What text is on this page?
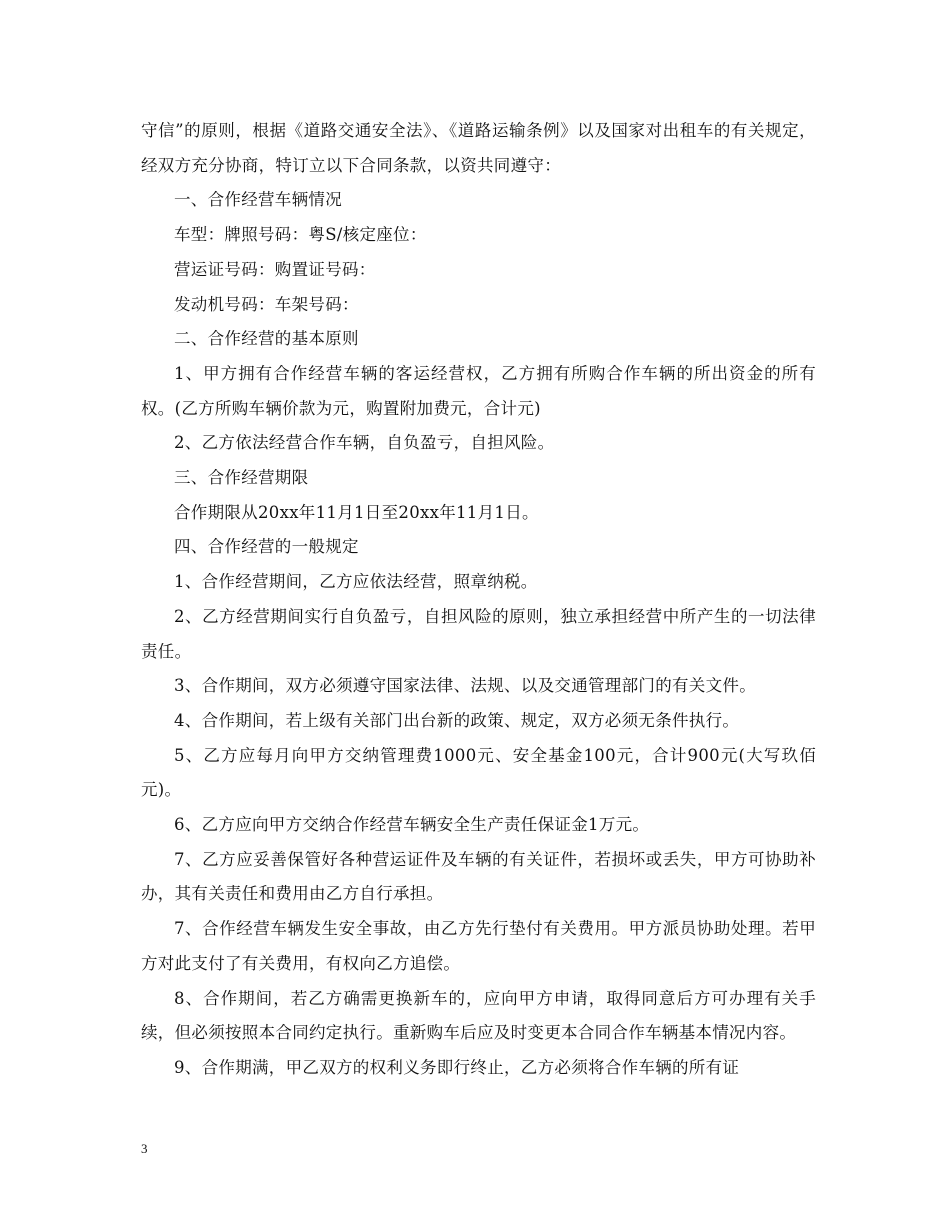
守信”的原则，根据《道路交通安全法》、《道路运输条例》以及国家对出租车的有关规定，经双方充分协商，特订立以下合同条款，以资共同遵守：

一、合作经营车辆情况

车型：牌照号码：粤S/核定座位：

营运证号码：购置证号码：

发动机号码：车架号码：

二、合作经营的基本原则

1、甲方拥有合作经营车辆的客运经营权，乙方拥有所购合作车辆的所出资金的所有权。(乙方所购车辆价款为元，购置附加费元，合计元)

2、乙方依法经营合作车辆，自负盈亏，自担风险。

三、合作经营期限

合作期限从20xx年11月1日至20xx年11月1日。

四、合作经营的一般规定

1、合作经营期间，乙方应依法经营，照章纳税。

2、乙方经营期间实行自负盈亏，自担风险的原则，独立承担经营中所产生的一切法律责任。

3、合作期间，双方必须遵守国家法律、法规、以及交通管理部门的有关文件。

4、合作期间，若上级有关部门出台新的政策、规定，双方必须无条件执行。

5、乙方应每月向甲方交纳管理费1000元、安全基金100元，合计900元(大写玖佰元)。

6、乙方应向甲方交纳合作经营车辆安全生产责任保证金1万元。

7、乙方应妥善保管好各种营运证件及车辆的有关证件，若损坏或丢失，甲方可协助补办，其有关责任和费用由乙方自行承担。

7、合作经营车辆发生安全事故，由乙方先行垫付有关费用。甲方派员协助处理。若甲方对此支付了有关费用，有权向乙方追偿。

8、合作期间，若乙方确需更换新车的，应向甲方申请，取得同意后方可办理有关手续，但必须按照本合同约定执行。重新购车后应及时变更本合同合作车辆基本情况内容。

9、合作期满，甲乙双方的权利义务即行终止，乙方必须将合作车辆的所有证

3
